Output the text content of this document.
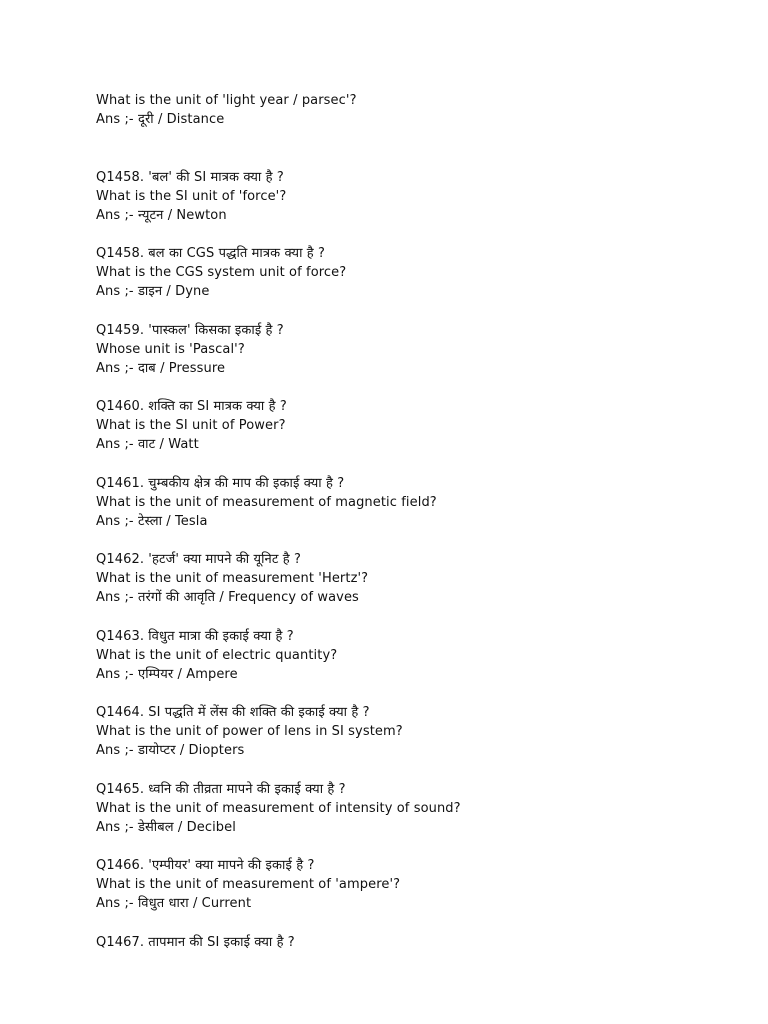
What is the unit of 'light year / parsec'?
Ans ;- दूरी / Distance
Q1458. 'बल' की SI मात्रक क्या है ?
What is the SI unit of 'force'?
Ans ;- न्यूटन / Newton
Q1458. बल का CGS पद्धति मात्रक क्या है ?
What is the CGS system unit of force?
Ans ;- डाइन / Dyne
Q1459. 'पास्कल' किसका इकाई है ?
Whose unit is 'Pascal'?
Ans ;- दाब / Pressure
Q1460. शक्ति का SI मात्रक क्या है ?
What is the SI unit of Power?
Ans ;- वाट / Watt
Q1461. चुम्बकीय क्षेत्र की माप की इकाई क्या है ?
What is the unit of measurement of magnetic field?
Ans ;- टेस्ला / Tesla
Q1462. 'हटर्ज' क्या मापने की यूनिट है ?
What is the unit of measurement 'Hertz'?
Ans ;- तरंगों की आवृति / Frequency of waves
Q1463. विधुत मात्रा की इकाई क्या है ?
What is the unit of electric quantity?
Ans ;- एम्पियर / Ampere
Q1464. SI पद्धति में लेंस की शक्ति की इकाई क्या है ?
What is the unit of power of lens in SI system?
Ans ;- डायोप्टर / Diopters
Q1465. ध्वनि की तीव्रता मापने की इकाई क्या है ?
What is the unit of measurement of intensity of sound?
Ans ;- डेसीबल / Decibel
Q1466. 'एम्पीयर' क्या मापने की इकाई है ?
What is the unit of measurement of 'ampere'?
Ans ;- विधुत धारा / Current
Q1467. तापमान की SI इकाई क्या है ?
